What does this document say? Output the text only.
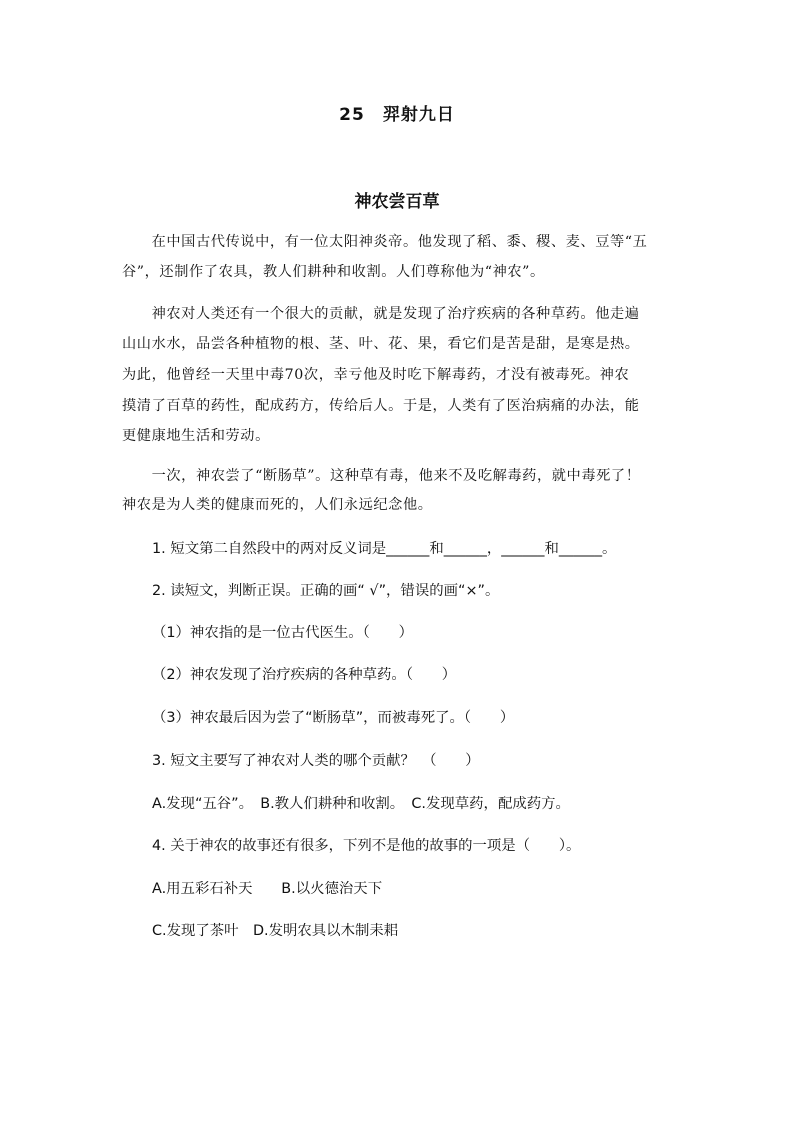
25　羿射九日
神农尝百草
　　在中国古代传说中，有一位太阳神炎帝。他发现了稻、黍、稷、麦、豆等“五
谷”，还制作了农具，教人们耕种和收割。人们尊称他为“神农”。
　　神农对人类还有一个很大的贡献，就是发现了治疗疾病的各种草药。他走遍
山山水水，品尝各种植物的根、茎、叶、花、果，看它们是苦是甜，是寒是热。
为此，他曾经一天里中毒70次，幸亏他及时吃下解毒药，才没有被毒死。神农
摸清了百草的药性，配成药方，传给后人。于是，人类有了医治病痛的办法，能
更健康地生活和劳动。
　　一次，神农尝了“断肠草”。这种草有毒，他来不及吃解毒药，就中毒死了！
神农是为人类的健康而死的，人们永远纪念他。
1. 短文第二自然段中的两对反义词是______和______，______和______。
2. 读短文，判断正误。正确的画“ √”，错误的画“×”。
（1）神农指的是一位古代医生。（　　）
（2）神农发现了治疗疾病的各种草药。（　　）
（3）神农最后因为尝了“断肠草”，而被毒死了。（　　）
3. 短文主要写了神农对人类的哪个贡献？　（　　）
A.发现“五谷”。　B.教人们耕种和收割。　C.发现草药，配成药方。
4. 关于神农的故事还有很多，下列不是他的故事的一项是（　　）。
A.用五彩石补天　　B.以火德治天下
C.发现了茶叶　D.发明农具以木制耒耜
